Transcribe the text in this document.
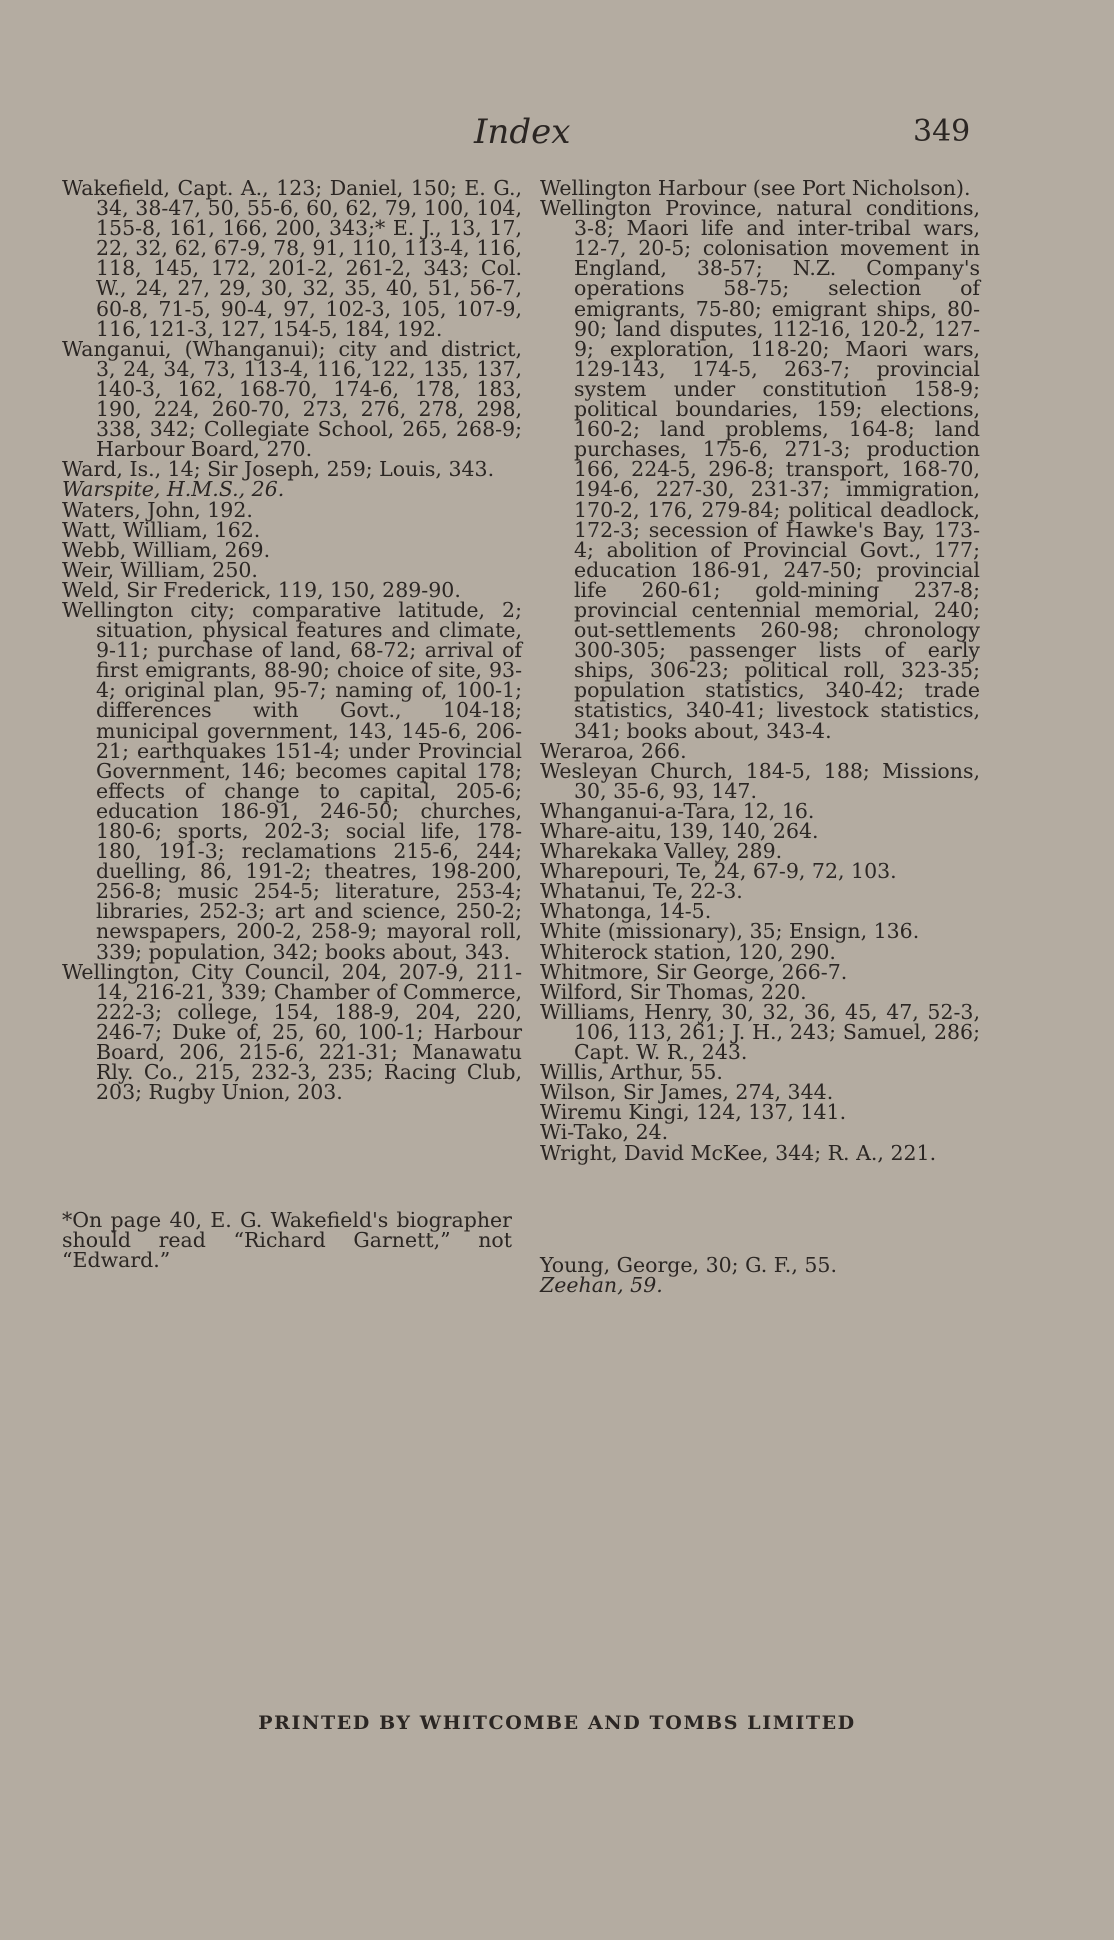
Index	349

Wakefield, Capt. A., 123; Daniel, 150; E. G., 34, 38-47, 50, 55-6, 60, 62, 79, 100, 104, 155-8, 161, 166, 200, 343;* E. J., 13, 17, 22, 32, 62, 67-9, 78, 91, 110, 113-4, 116, 118, 145, 172, 201-2, 261-2, 343; Col. W., 24, 27, 29, 30, 32, 35, 40, 51, 56-7, 60-8, 71-5, 90-4, 97, 102-3, 105, 107-9, 116, 121-3, 127, 154-5, 184, 192.

Wanganui, (Whanganui); city and district, 3, 24, 34, 73, 113-4, 116, 122, 135, 137, 140-3, 162, 168-70, 174-6, 178, 183, 190, 224, 260-70, 273, 276, 278, 298, 338, 342; Collegiate School, 265, 268-9; Harbour Board, 270.

Ward, Is., 14; Sir Joseph, 259; Louis, 343.

Warspite, H.M.S., 26.

Waters, John, 192.

Watt, William, 162.

Webb, William, 269.

Weir, William, 250.

Weld, Sir Frederick, 119, 150, 289-90.

Wellington city; comparative latitude, 2; situation, physical features and climate, 9-11; purchase of land, 68-72; arrival of first emigrants, 88-90; choice of site, 93-4; original plan, 95-7; naming of, 100-1; differences with Govt., 104-18; municipal government, 143, 145-6, 206-21; earthquakes 151-4; under Provincial Government, 146; becomes capital 178; effects of change to capital, 205-6; education 186-91, 246-50; churches, 180-6; sports, 202-3; social life, 178-180, 191-3; reclamations 215-6, 244; duelling, 86, 191-2; theatres, 198-200, 256-8; music 254-5; literature, 253-4; libraries, 252-3; art and science, 250-2; newspapers, 200-2, 258-9; mayoral roll, 339; population, 342; books about, 343.

Wellington, City Council, 204, 207-9, 211-14, 216-21, 339; Chamber of Commerce, 222-3; college, 154, 188-9, 204, 220, 246-7; Duke of, 25, 60, 100-1; Harbour Board, 206, 215-6, 221-31; Manawatu Rly. Co., 215, 232-3, 235; Racing Club, 203; Rugby Union, 203.

*On page 40, E. G. Wakefield's biographer should read “Richard Garnett,” not “Edward.”

Wellington Harbour (see Port Nicholson).

Wellington Province, natural conditions, 3-8; Maori life and inter-tribal wars, 12-7, 20-5; colonisation movement in England, 38-57; N.Z. Company's operations 58-75; selection of emigrants, 75-80; emigrant ships, 80-90; land disputes, 112-16, 120-2, 127-9; exploration, 118-20; Maori wars, 129-143, 174-5, 263-7; provincial system under constitution 158-9; political boundaries, 159; elections, 160-2; land problems, 164-8; land purchases, 175-6, 271-3; production 166, 224-5, 296-8; transport, 168-70, 194-6, 227-30, 231-37; immigration, 170-2, 176, 279-84; political deadlock, 172-3; secession of Hawke's Bay, 173-4; abolition of Provincial Govt., 177; education 186-91, 247-50; provincial life 260-61; gold-mining 237-8; provincial centennial memorial, 240; out-settlements 260-98; chronology 300-305; passenger lists of early ships, 306-23; political roll, 323-35; population statistics, 340-42; trade statistics, 340-41; livestock statistics, 341; books about, 343-4.

Weraroa, 266.

Wesleyan Church, 184-5, 188; Missions, 30, 35-6, 93, 147.

Whanganui-a-Tara, 12, 16.

Whare-aitu, 139, 140, 264.

Wharekaka Valley, 289.

Wharepouri, Te, 24, 67-9, 72, 103.

Whatanui, Te, 22-3.

Whatonga, 14-5.

White (missionary), 35; Ensign, 136.

Whiterock station, 120, 290.

Whitmore, Sir George, 266-7.

Wilford, Sir Thomas, 220.

Williams, Henry, 30, 32, 36, 45, 47, 52-3, 106, 113, 261; J. H., 243; Samuel, 286; Capt. W. R., 243.

Willis, Arthur, 55.

Wilson, Sir James, 274, 344.

Wiremu Kingi, 124, 137, 141.

Wi-Tako, 24.

Wright, David McKee, 344; R. A., 221.

Young, George, 30; G. F., 55.

Zeehan, 59.

PRINTED BY WHITCOMBE AND TOMBS LIMITED
